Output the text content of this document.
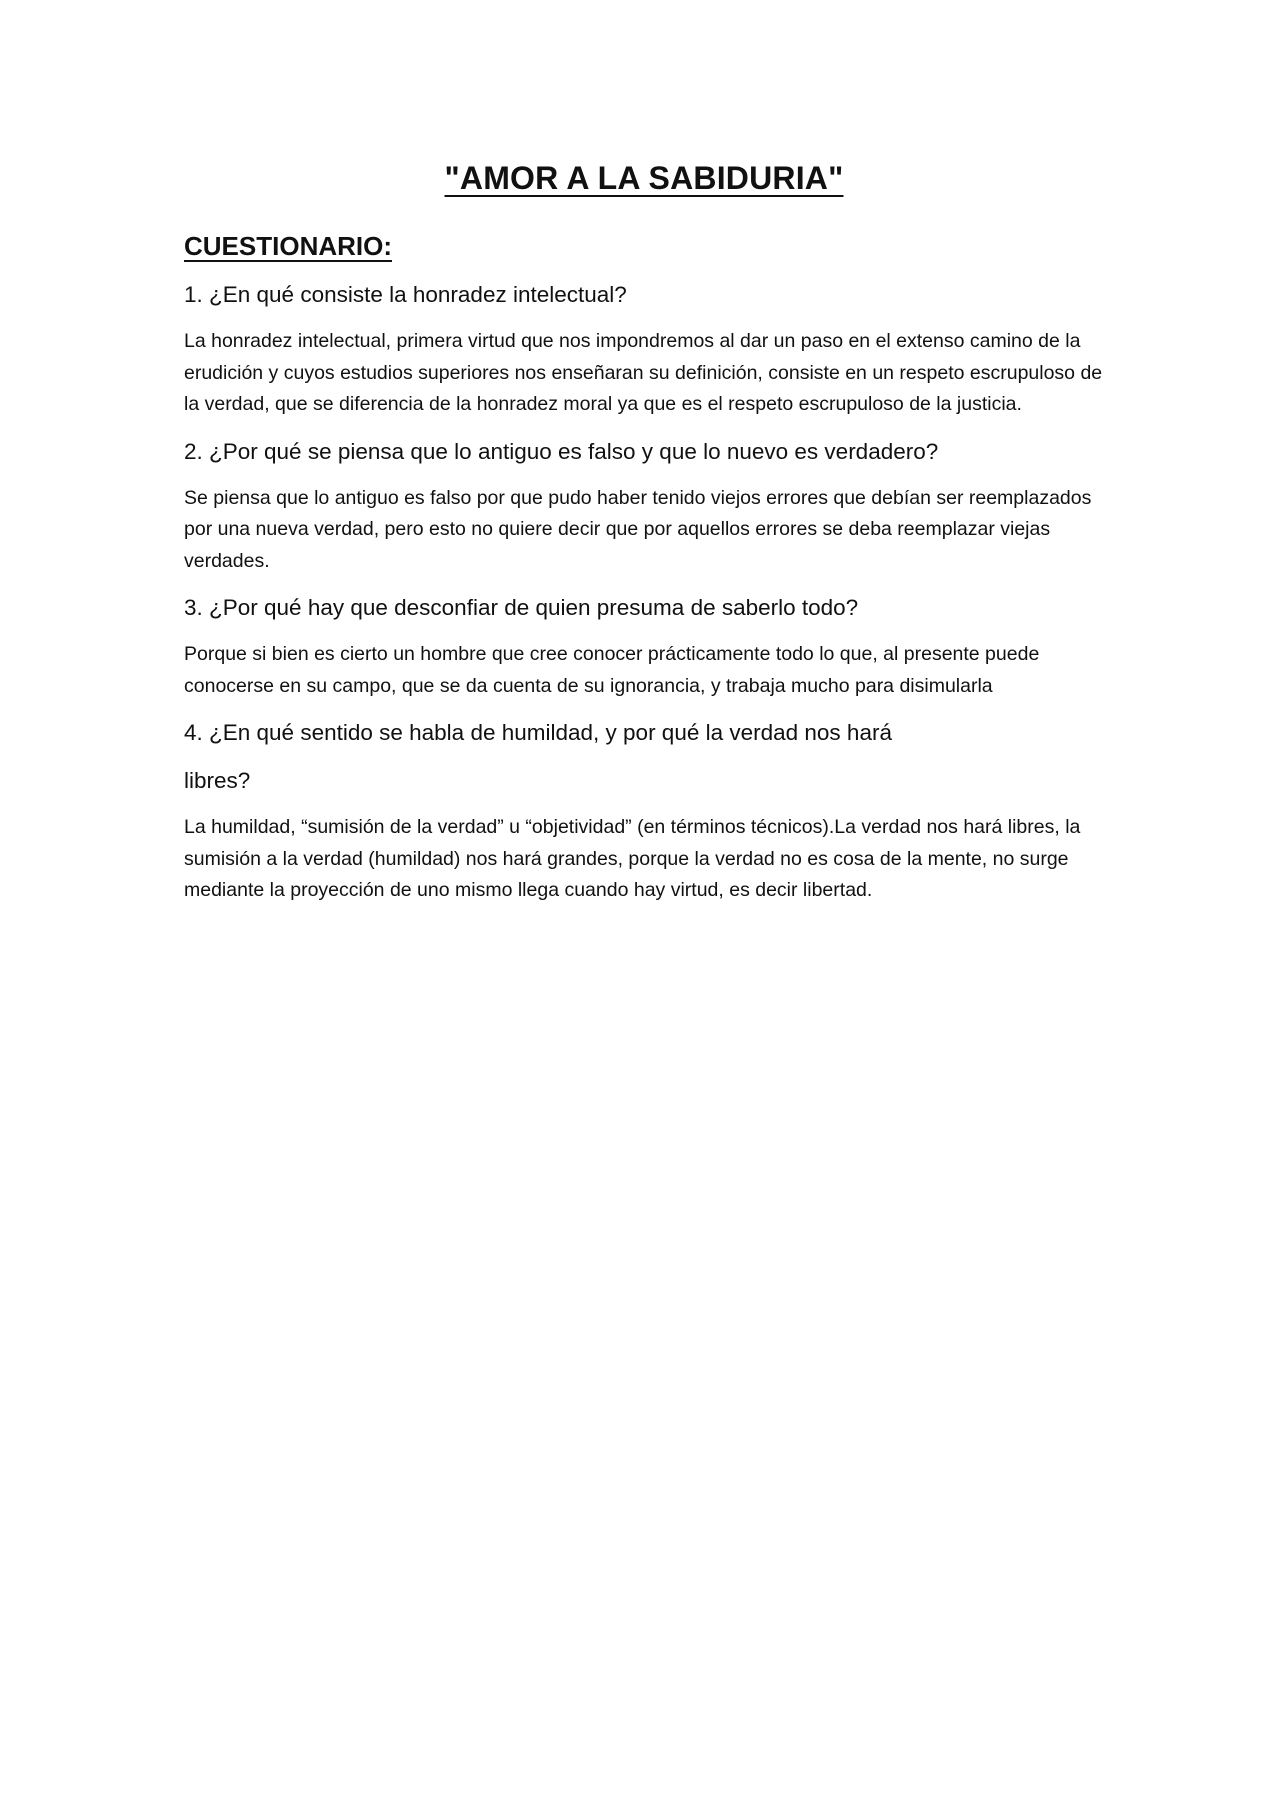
"AMOR A LA SABIDURIA"
CUESTIONARIO:

1. ¿En qué consiste la honradez intelectual?

La honradez intelectual, primera virtud que nos impondremos al dar un paso en el extenso camino de la erudición y cuyos estudios superiores nos enseñaran su definición, consiste en un respeto escrupuloso de la verdad, que se diferencia de la honradez moral ya que es el respeto escrupuloso de la justicia.

2. ¿Por qué se piensa que lo antiguo es falso y que lo nuevo es verdadero?

Se piensa que lo antiguo es falso por que pudo haber tenido viejos errores que debían ser reemplazados por una nueva verdad, pero esto no quiere decir que por aquellos errores se deba reemplazar viejas verdades.

3. ¿Por qué hay que desconfiar de quien presuma de saberlo todo?

Porque si bien es cierto un hombre que cree conocer prácticamente todo lo que, al presente puede conocerse en su campo, que se da cuenta de su ignorancia, y trabaja mucho para disimularla

4. ¿En qué sentido se habla de humildad, y por qué la verdad nos hará

libres?

La humildad, “sumisión de la verdad” u “objetividad” (en términos técnicos).La verdad nos hará libres, la sumisión a la verdad (humildad) nos hará grandes, porque la verdad no es cosa de la mente, no surge mediante la proyección de uno mismo llega cuando hay virtud, es decir libertad.
